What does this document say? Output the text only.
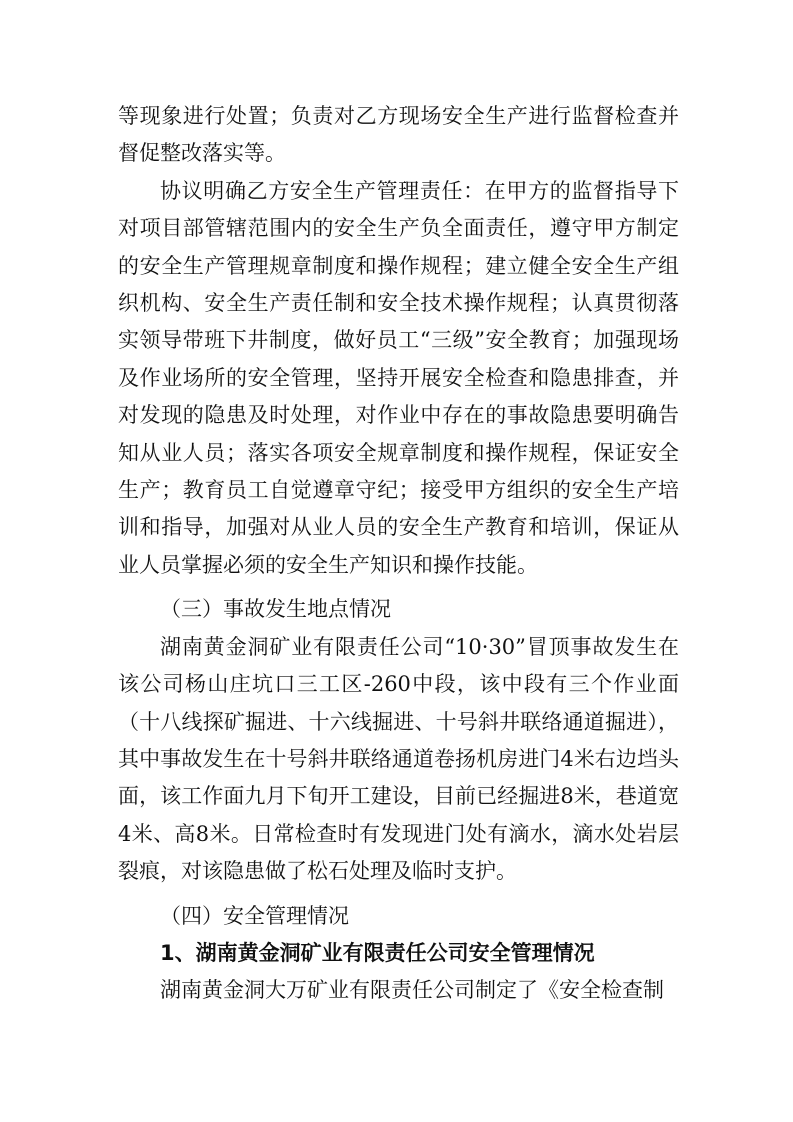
等现象进行处置；负责对乙方现场安全生产进行监督检查并督促整改落实等。

协议明确乙方安全生产管理责任：在甲方的监督指导下对项目部管辖范围内的安全生产负全面责任，遵守甲方制定的安全生产管理规章制度和操作规程；建立健全安全生产组织机构、安全生产责任制和安全技术操作规程；认真贯彻落实领导带班下井制度，做好员工“三级”安全教育；加强现场及作业场所的安全管理，坚持开展安全检查和隐患排查，并对发现的隐患及时处理，对作业中存在的事故隐患要明确告知从业人员；落实各项安全规章制度和操作规程，保证安全生产；教育员工自觉遵章守纪；接受甲方组织的安全生产培训和指导，加强对从业人员的安全生产教育和培训，保证从业人员掌握必须的安全生产知识和操作技能。

（三）事故发生地点情况

湖南黄金洞矿业有限责任公司“10·30”冒顶事故发生在该公司杨山庄坑口三工区-260中段，该中段有三个作业面（十八线探矿掘进、十六线掘进、十号斜井联络通道掘进），其中事故发生在十号斜井联络通道卷扬机房进门4米右边垱头面，该工作面九月下旬开工建设，目前已经掘进8米，巷道宽4米、高8米。日常检查时有发现进门处有滴水，滴水处岩层裂痕，对该隐患做了松石处理及临时支护。

（四）安全管理情况

1、湖南黄金洞矿业有限责任公司安全管理情况

湖南黄金洞大万矿业有限责任公司制定了《安全检查制
